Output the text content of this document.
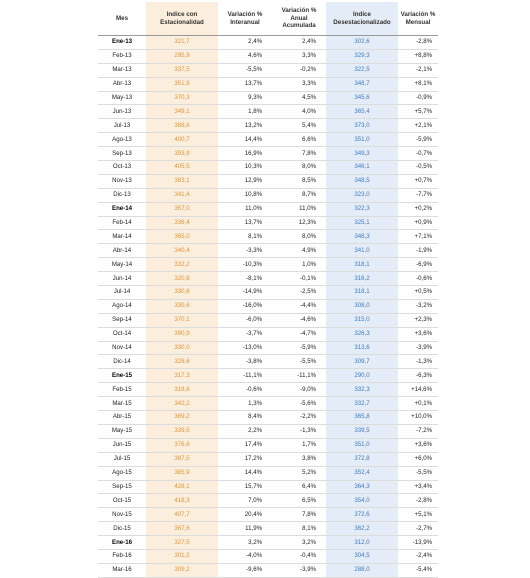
Mes	Indice con Estacionalidad	Variación % Interanual	Variación % Anual Acumulada	Indice Desestacionalizado	Variación % Mensual
Ene-13	321,7	2,4%	2,4%	302,6	-2,8%
Feb-13	295,9	4,6%	3,3%	329,3	+8,8%
Mar-13	337,5	-5,5%	-0,2%	322,5	-2,1%
Abr-13	351,9	13,7%	3,3%	348,7	+8,1%
May-13	370,3	9,3%	4,5%	345,6	-0,9%
Jun-13	349,1	1,8%	4,0%	365,4	+5,7%
Jul-13	388,6	13,2%	5,4%	373,0	+2,1%
Ago-13	400,7	14,4%	6,6%	351,0	-5,9%
Sep-13	393,9	16,9%	7,8%	349,3	-0,7%
Oct-13	405,5	10,3%	8,0%	346,1	-0,5%
Nov-13	383,1	12,9%	8,5%	348,5	+0,7%
Dic-13	341,4	10,8%	8,7%	323,0	-7,7%
Ene-14	357,0	11,0%	11,0%	322,3	+0,2%
Feb-14	336,4	13,7%	12,3%	325,1	+0,9%
Mar-14	365,0	8,1%	8,0%	348,3	+7,1%
Abr-14	340,4	-3,3%	4,9%	341,0	-1,9%
May-14	332,2	-10,3%	1,0%	318,1	-6,9%
Jun-14	320,8	-8,1%	-0,1%	316,2	-0,6%
Jul-14	330,6	-14,9%	-2,5%	318,1	+0,5%
Ago-14	330,6	-16,0%	-4,4%	308,0	-3,2%
Sep-14	370,1	-6,0%	-4,6%	315,0	+2,3%
Oct-14	390,9	-3,7%	-4,7%	326,3	+3,6%
Nov-14	330,0	-13,0%	-5,9%	313,6	-3,9%
Dic-14	328,6	-3,8%	-5,5%	309,7	-1,3%
Ene-15	317,3	-11,1%	-11,1%	290,0	-6,3%
Feb-15	318,6	-0,6%	-9,0%	332,3	+14,6%
Mar-15	342,2	1,3%	-5,6%	332,7	+0,1%
Abr-15	369,2	8,4%	-2,2%	365,8	+10,0%
May-15	339,5	2,2%	-1,3%	339,5	-7,2%
Jun-15	376,6	17,4%	1,7%	351,0	+3,6%
Jul-15	387,5	17,2%	3,8%	372,8	+6,0%
Ago-15	385,9	14,4%	5,2%	352,4	-5,5%
Sep-15	428,1	15,7%	6,4%	364,3	+3,4%
Oct-15	418,3	7,0%	6,5%	354,0	-2,8%
Nov-15	407,7	20,4%	7,8%	372,6	+5,1%
Dic-15	367,6	11,9%	8,1%	362,2	-2,7%
Ene-16	327,5	3,2%	3,2%	312,0	-13,9%
Feb-16	301,2	-4,0%	-0,4%	304,5	-2,4%
Mar-16	309,2	-9,6%	-3,9%	288,0	-5,4%
